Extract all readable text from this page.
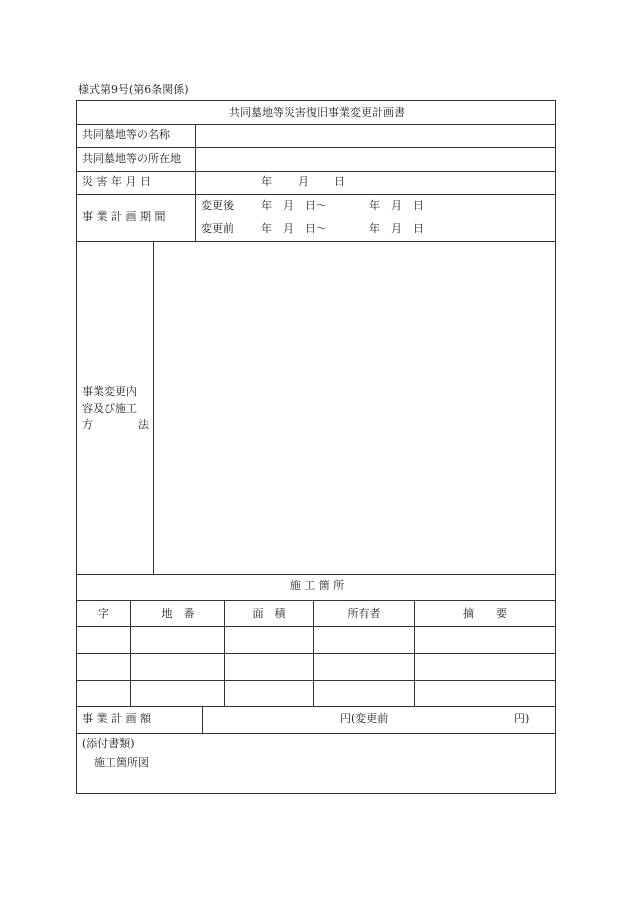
様式第9号(第6条関係)
共同墓地等災害復旧事業変更計画書
共同墓地等の名称
共同墓地等の所在地
災 害 年 月 日	年 月 日
事 業 計 画 期 間
変更後 年　月　日〜	年　月　日
変更前 年　月　日〜	年　月　日
事業変更内
容及び施工
方	法
施 工 箇 所
字	地　番	面　積	所有者	摘　　要
事 業 計 画 額	円(変更前	円)
(添付書類)
施工箇所図
